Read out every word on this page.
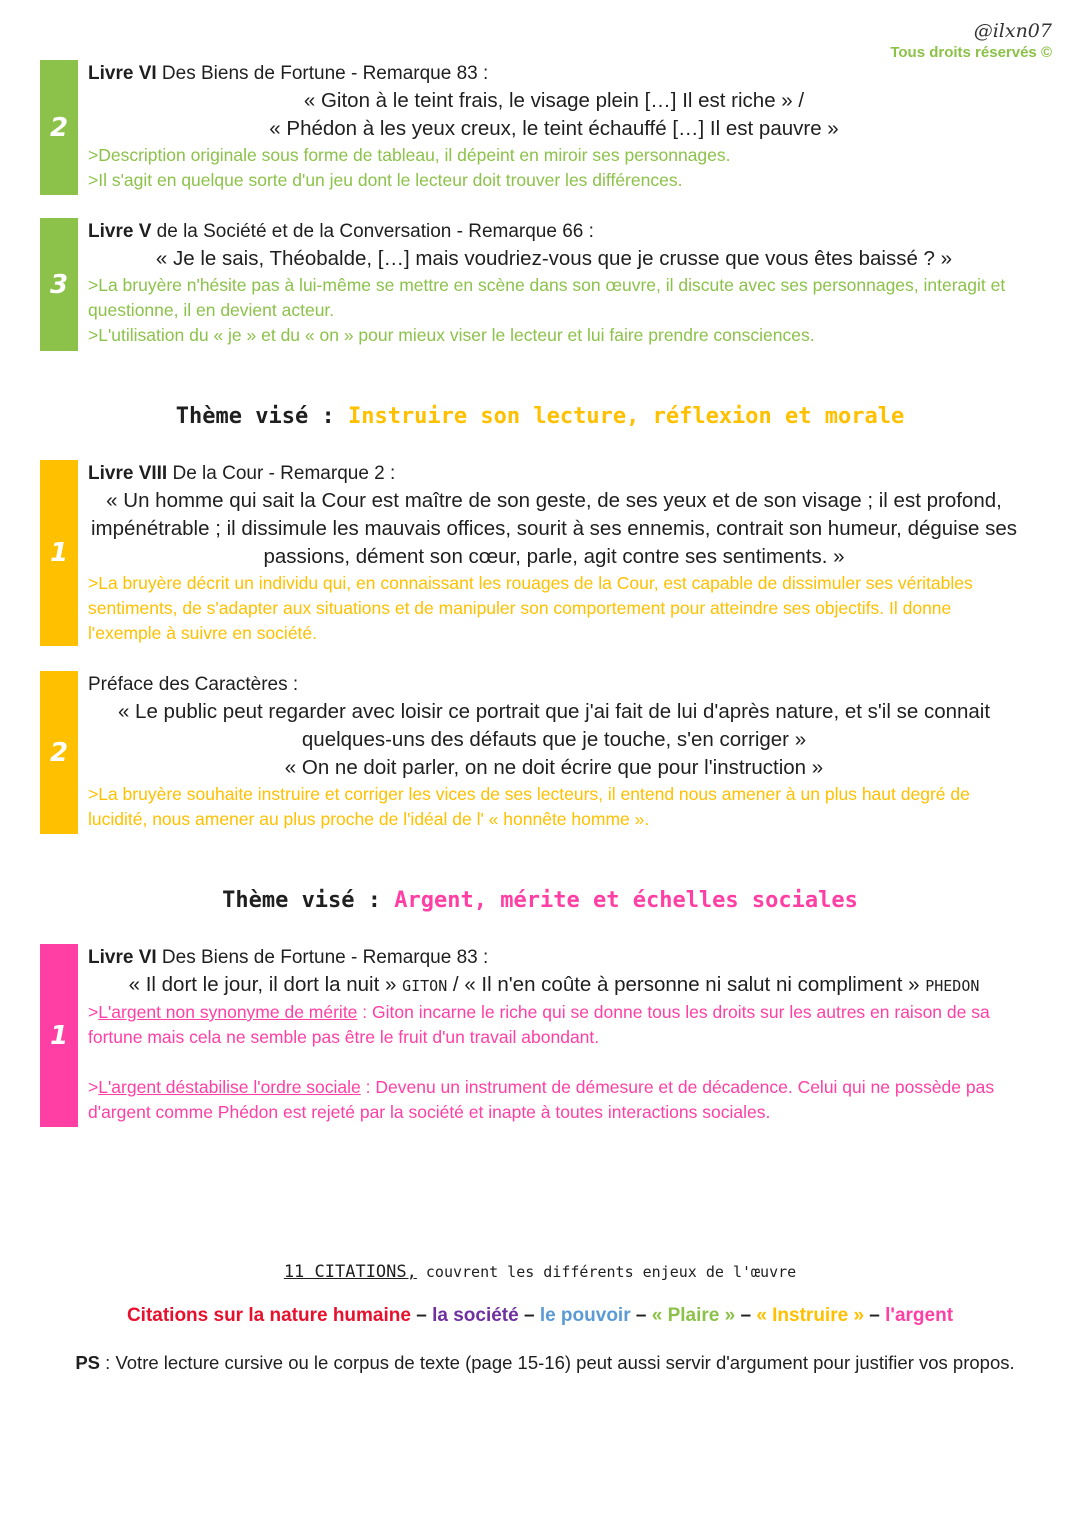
@ilxn07
Tous droits réservés ©
2
Livre VI Des Biens de Fortune - Remarque 83 :
« Giton à le teint frais, le visage plein […] Il est riche » /
« Phédon à les yeux creux, le teint échauffé […] Il est pauvre »
>Description originale sous forme de tableau, il dépeint en miroir ses personnages.
>Il s'agit en quelque sorte d'un jeu dont le lecteur doit trouver les différences.
3
Livre V de la Société et de la Conversation - Remarque 66 :
« Je le sais, Théobalde, […] mais voudriez-vous que je crusse que vous êtes baissé ? »
>La bruyère n'hésite pas à lui-même se mettre en scène dans son œuvre, il discute avec ses personnages, interagit et questionne, il en devient acteur.
>L'utilisation du « je » et du « on » pour mieux viser le lecteur et lui faire prendre consciences.
Thème visé : Instruire son lecture, réflexion et morale
1
Livre VIII De la Cour - Remarque 2 :
« Un homme qui sait la Cour est maître de son geste, de ses yeux et de son visage ; il est profond, impénétrable ; il dissimule les mauvais offices, sourit à ses ennemis, contrait son humeur, déguise ses passions, dément son cœur, parle, agit contre ses sentiments. »
>La bruyère décrit un individu qui, en connaissant les rouages de la Cour, est capable de dissimuler ses véritables sentiments, de s'adapter aux situations et de manipuler son comportement pour atteindre ses objectifs. Il donne l'exemple à suivre en société.
2
Préface des Caractères :
« Le public peut regarder avec loisir ce portrait que j'ai fait de lui d'après nature, et s'il se connait quelques-uns des défauts que je touche, s'en corriger »
« On ne doit parler, on ne doit écrire que pour l'instruction »
>La bruyère souhaite instruire et corriger les vices de ses lecteurs, il entend nous amener à un plus haut degré de lucidité, nous amener au plus proche de l'idéal de l' « honnête homme ».
Thème visé : Argent, mérite et échelles sociales
1
Livre VI Des Biens de Fortune - Remarque 83 :
« Il dort le jour, il dort la nuit » GITON / « Il n'en coûte à personne ni salut ni compliment » PHEDON
>L'argent non synonyme de mérite : Giton incarne le riche qui se donne tous les droits sur les autres en raison de sa fortune mais cela ne semble pas être le fruit d'un travail abondant.
>L'argent déstabilise l'ordre sociale : Devenu un instrument de démesure et de décadence. Celui qui ne possède pas d'argent comme Phédon est rejeté par la société et inapte à toutes interactions sociales.
11 CITATIONS, couvrent les différents enjeux de l'œuvre
Citations sur la nature humaine – la société – le pouvoir – « Plaire » – « Instruire » – l'argent
PS : Votre lecture cursive ou le corpus de texte (page 15-16) peut aussi servir d'argument pour justifier vos propos.
